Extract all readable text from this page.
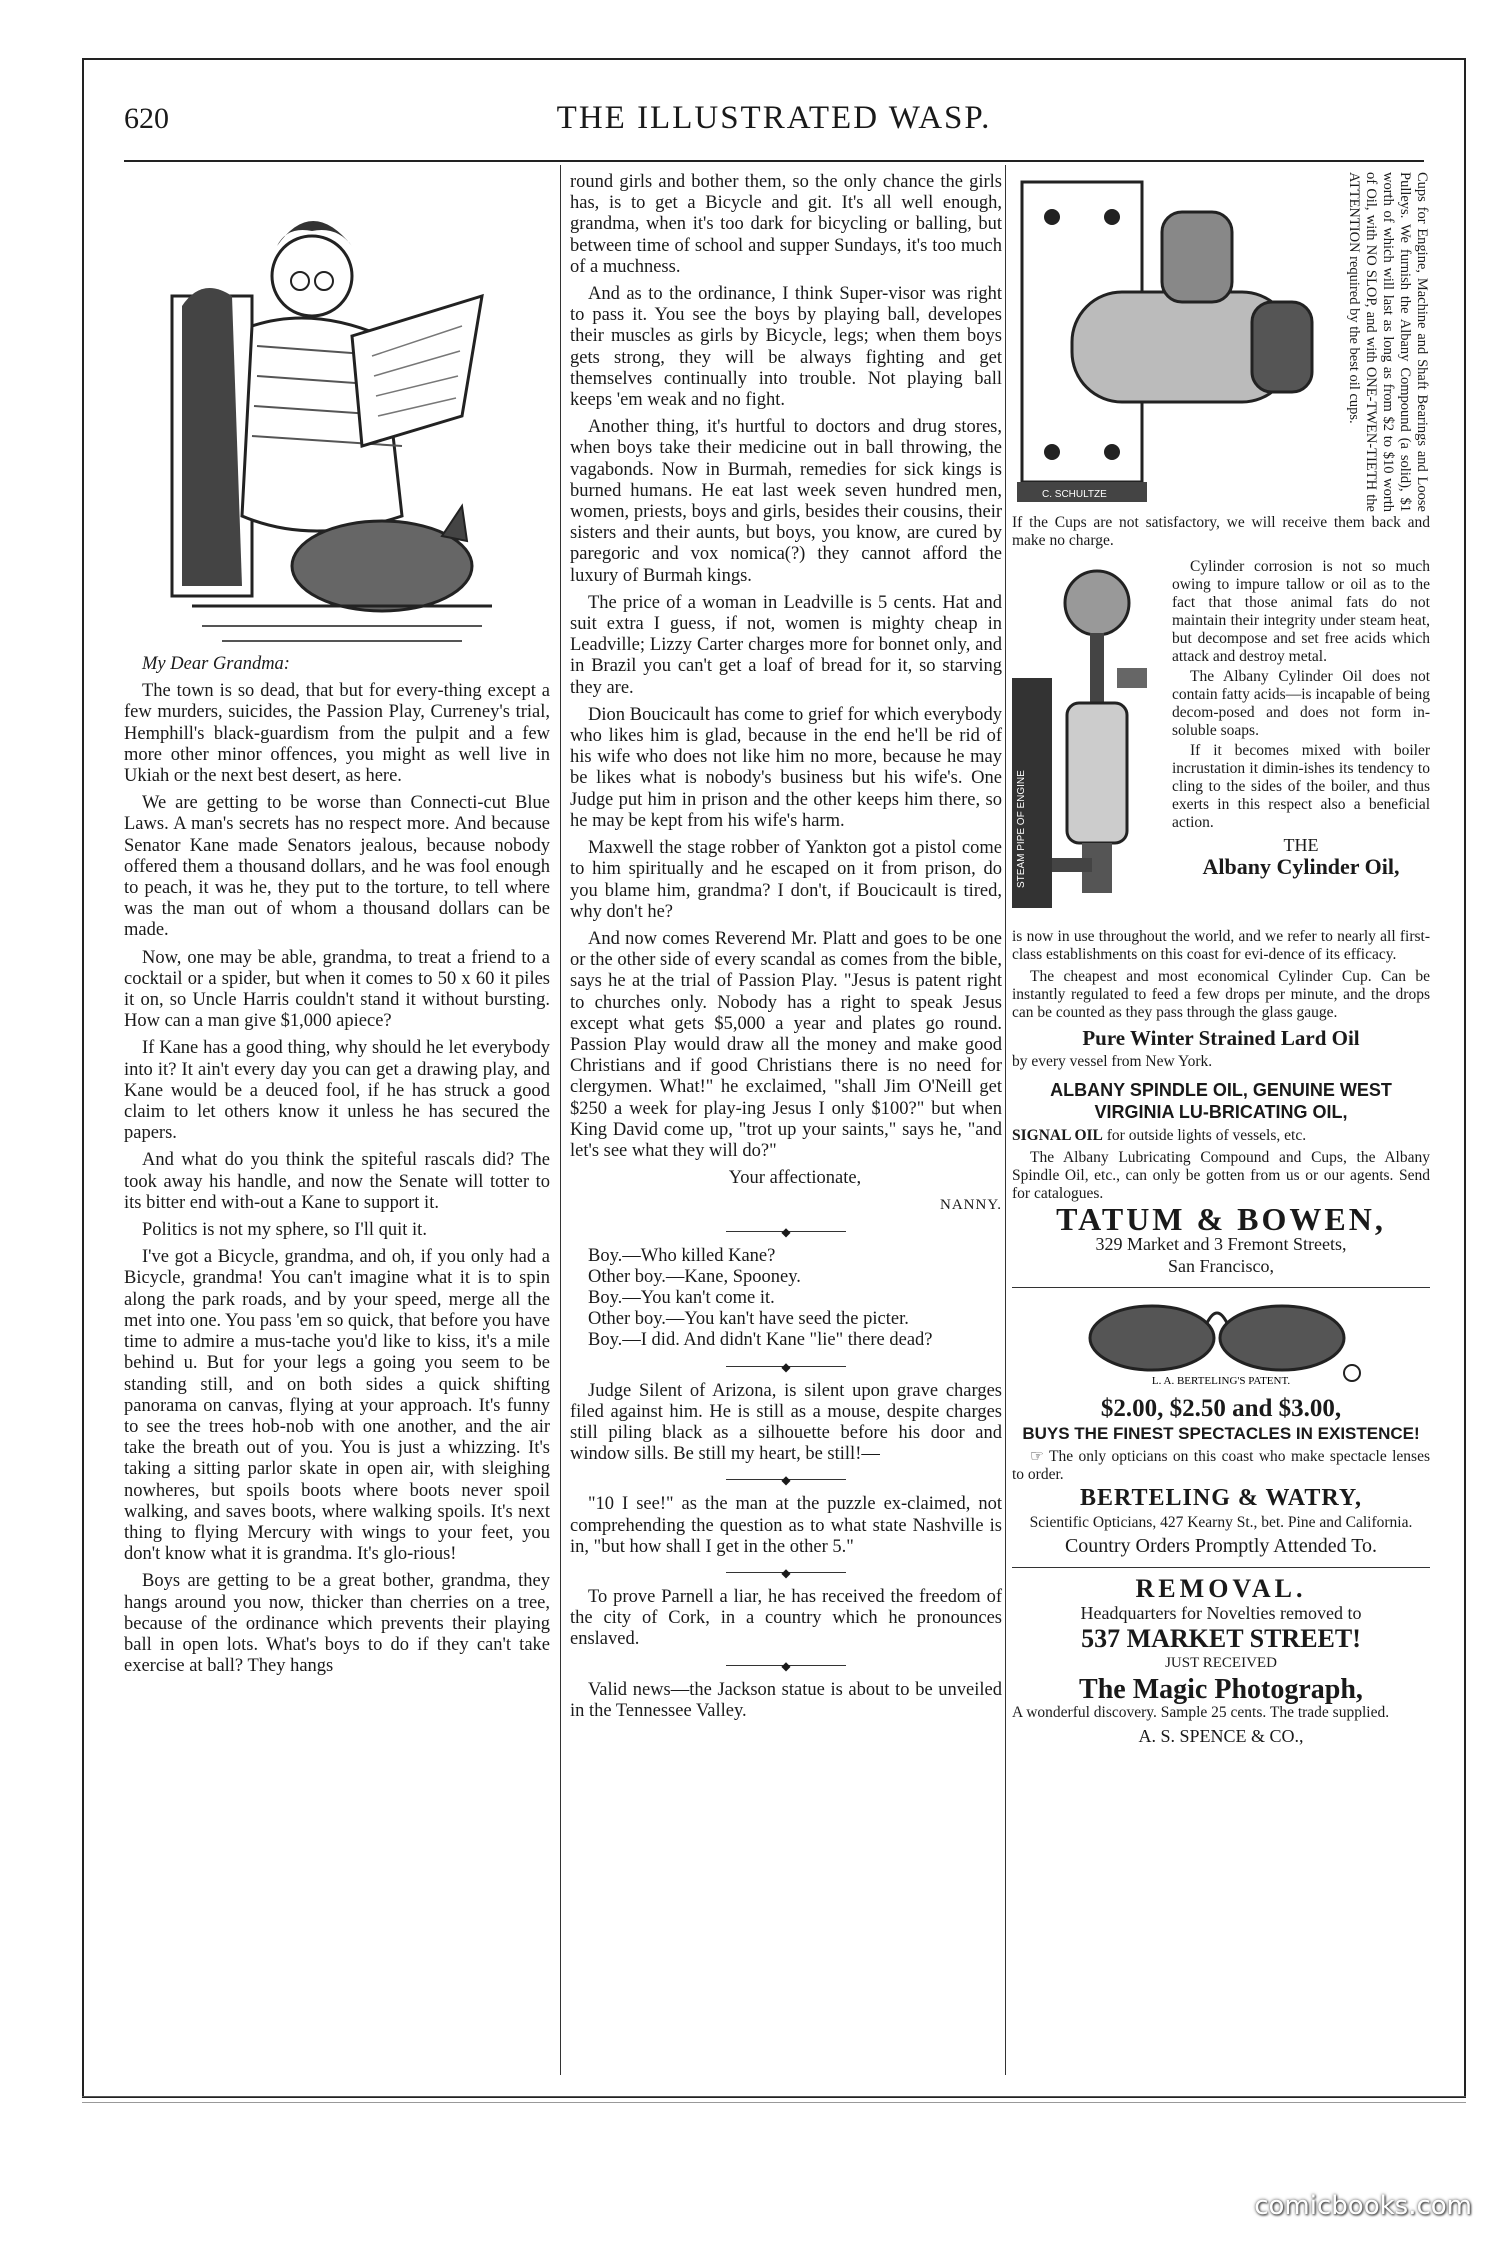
620	THE ILLUSTRATED WASP.

My Dear Grandma:

The town is so dead, that but for every-thing except a few murders, suicides, the Passion Play, Curreney's trial, Hemphill's black-guardism from the pulpit and a few more other minor offences, you might as well live in Ukiah or the next best desert, as here.

We are getting to be worse than Connecti-cut Blue Laws. A man's secrets has no respect more. And because Senator Kane made Senators jealous, because nobody offered them a thousand dollars, and he was fool enough to peach, it was he, they put to the torture, to tell where was the man out of whom a thousand dollars can be made.

Now, one may be able, grandma, to treat a friend to a cocktail or a spider, but when it comes to 50 x 60 it piles it on, so Uncle Harris couldn't stand it without bursting. How can a man give $1,000 apiece?

If Kane has a good thing, why should he let everybody into it? It ain't every day you can get a drawing play, and Kane would be a deuced fool, if he has struck a good claim to let others know it unless he has secured the papers.

And what do you think the spiteful rascals did? The took away his handle, and now the Senate will totter to its bitter end with-out a Kane to support it.

Politics is not my sphere, so I'll quit it.

I've got a Bicycle, grandma, and oh, if you only had a Bicycle, grandma! You can't imagine what it is to spin along the park roads, and by your speed, merge all the met into one. You pass 'em so quick, that before you have time to admire a mus-tache you'd like to kiss, it's a mile behind u. But for your legs a going you seem to be standing still, and on both sides a quick shifting panorama on canvas, flying at your approach. It's funny to see the trees hob-nob with one another, and the air take the breath out of you. You is just a whizzing. It's taking a sitting parlor skate in open air, with sleighing nowheres, but spoils boots where boots never spoil walking, and saves boots, where walking spoils. It's next thing to flying Mercury with wings to your feet, you don't know what it is grandma. It's glo-rious!

Boys are getting to be a great bother, grandma, they hangs around you now, thicker than cherries on a tree, because of the ordinance which prevents their playing ball in open lots. What's boys to do if they can't take exercise at ball? They hangs

round girls and bother them, so the only chance the girls has, is to get a Bicycle and git. It's all well enough, grandma, when it's too dark for bicycling or balling, but between time of school and supper Sundays, it's too much of a muchness.

And as to the ordinance, I think Super-visor was right to pass it. You see the boys by playing ball, developes their muscles as girls by Bicycle, legs; when them boys gets strong, they will be always fighting and get themselves continually into trouble. Not playing ball keeps 'em weak and no fight.

Another thing, it's hurtful to doctors and drug stores, when boys take their medicine out in ball throwing, the vagabonds. Now in Burmah, remedies for sick kings is burned humans. He eat last week seven hundred men, women, priests, boys and girls, besides their cousins, their sisters and their aunts, but boys, you know, are cured by paregoric and vox nomica(?) they cannot afford the luxury of Burmah kings.

The price of a woman in Leadville is 5 cents. Hat and suit extra I guess, if not, women is mighty cheap in Leadville; Lizzy Carter charges more for bonnet only, and in Brazil you can't get a loaf of bread for it, so starving they are.

Dion Boucicault has come to grief for which everybody who likes him is glad, because in the end he'll be rid of his wife who does not like him no more, because he may be likes what is nobody's business but his wife's. One Judge put him in prison and the other keeps him there, so he may be kept from his wife's harm.

Maxwell the stage robber of Yankton got a pistol come to him spiritually and he escaped on it from prison, do you blame him, grandma? I don't, if Boucicault is tired, why don't he?

And now comes Reverend Mr. Platt and goes to be one or the other side of every scandal as comes from the bible, says he at the trial of Passion Play. "Jesus is patent right to churches only. Nobody has a right to speak Jesus except what gets $5,000 a year and plates go round. Passion Play would draw all the money and make good Christians and if good Christians there is no need for clergymen. What!" he exclaimed, "shall Jim O'Neill get $250 a week for play-ing Jesus I only $100?" but when King David come up, "trot up your saints," says he, "and let's see what they will do?"

Your affectionate,

NANNY.

◆

Boy.—Who killed Kane?

Other boy.—Kane, Spooney.

Boy.—You kan't come it.

Other boy.—You kan't have seed the picter.

Boy.—I did. And didn't Kane "lie" there dead?

◆

Judge Silent of Arizona, is silent upon grave charges filed against him. He is still as a mouse, despite charges still piling black as a silhouette before his door and window sills. Be still my heart, be still!—

◆

"10 I see!" as the man at the puzzle ex-claimed, not comprehending the question as to what state Nashville is in, "but how shall I get in the other 5."

◆

To prove Parnell a liar, he has received the freedom of the city of Cork, in a country which he pronounces enslaved.

◆

Valid news—the Jackson statue is about to be unveiled in the Tennessee Valley.

C. SCHULTZE	Cups for Engine, Machine and Shaft Bearings and Loose Pulleys. We furnish the Albany Compound (a solid), $1 worth of which will last as long as from $2 to $10 worth of Oil, with NO SLOP, and with ONE-TWEN-TIETH the ATTENTION required by the best oil cups.

If the Cups are not satisfactory, we will receive them back and make no charge.

STEAM PIPE OF ENGINE

Cylinder corrosion is not so much owing to impure tallow or oil as to the fact that those animal fats do not maintain their integrity under steam heat, but decompose and set free acids which attack and destroy metal.

The Albany Cylinder Oil does not contain fatty acids—is incapable of being decom-posed and does not form in-soluble soaps.

If it becomes mixed with boiler incrustation it dimin-ishes its tendency to cling to the sides of the boiler, and thus exerts in this respect also a beneficial action.

THE
Albany Cylinder Oil,

is now in use throughout the world, and we refer to nearly all first-class establishments on this coast for evi-dence of its efficacy.

The cheapest and most economical Cylinder Cup. Can be instantly regulated to feed a few drops per minute, and the drops can be counted as they pass through the glass gauge.

Pure Winter Strained Lard Oil

by every vessel from New York.

ALBANY SPINDLE OIL, GENUINE WEST VIRGINIA LU-BRICATING OIL,

SIGNAL OIL for outside lights of vessels, etc.

The Albany Lubricating Compound and Cups, the Albany Spindle Oil, etc., can only be gotten from us or our agents. Send for catalogues.

TATUM & BOWEN,
329 Market and 3 Fremont Streets,
San Francisco,
L. A. BERTELING'S PATENT.
$2.00, $2.50 and $3.00,
BUYS THE FINEST SPECTACLES IN EXISTENCE!

☞ The only opticians on this coast who make spectacle lenses to order.

BERTELING & WATRY,
Scientific Opticians, 427 Kearny St., bet. Pine and California.
Country Orders Promptly Attended To.
REMOVAL.
Headquarters for Novelties removed to
537 MARKET STREET!
JUST RECEIVED
The Magic Photograph,

A wonderful discovery. Sample 25 cents. The trade supplied.

A. S. SPENCE & CO.,
comicbooks.com
